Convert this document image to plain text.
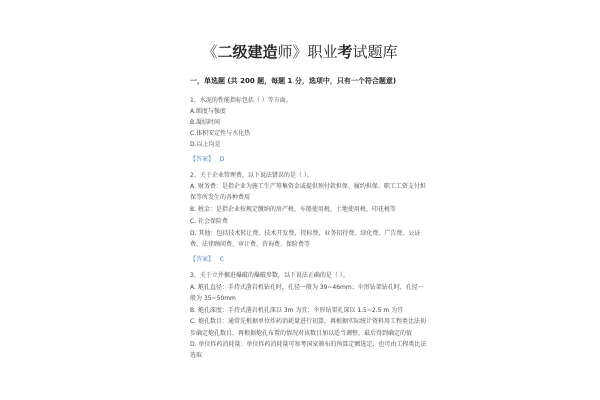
《二级建造师》职业考试题库
一，单选题 (共 200 题，每题 1 分，选项中，只有一个符合题意)
1、水泥的性能指标包括（ ）等方面。
A.细度与强度
B.凝结时间
C.体积安定性与水化热
D.以上均是
【答案】 D
2、关于企业管理费，以下说法错误的是（ ）。
A. 财务费：是指企业为施工生产筹集资金或提供预付款担保、履约担保、职工工资支付担
保等所发生的各种费用
B. 税金：是指企业按规定缴纳的房产税、车船使用税、土地使用税、印花税等
C. 社会保险费
D. 其他：包括技术转让费、技术开发费、投标费、业务招待费、绿化费、广告费、公证
费、法律顾问费、审计费、咨询费、保险费等
【答案】 C
3、关于立井掘进爆破的爆破参数，以下说法正确的是（ ）。
A. 炮孔直径：手持式凿岩机钻孔时，孔径一般为 39~46mm；伞形钻架钻孔时，孔径一
般为 35~50mm
B. 炮孔深度：手持式凿岩机孔深以 3m 为宜；伞形钻架孔深以 1.5~2.5 m 为宜
C. 炮孔数目：通常先根据单位炸药消耗量进行初算，再根据实际统计资料用工程类比法初
步确定炮孔数目，再根据炮孔布置的情况对该数目加以适当调整，最后得到确定的值
D. 单位炸药消耗量：单位炸药消耗量可参考国家颁布的预算定额选定，也可由工程类比法
选取
